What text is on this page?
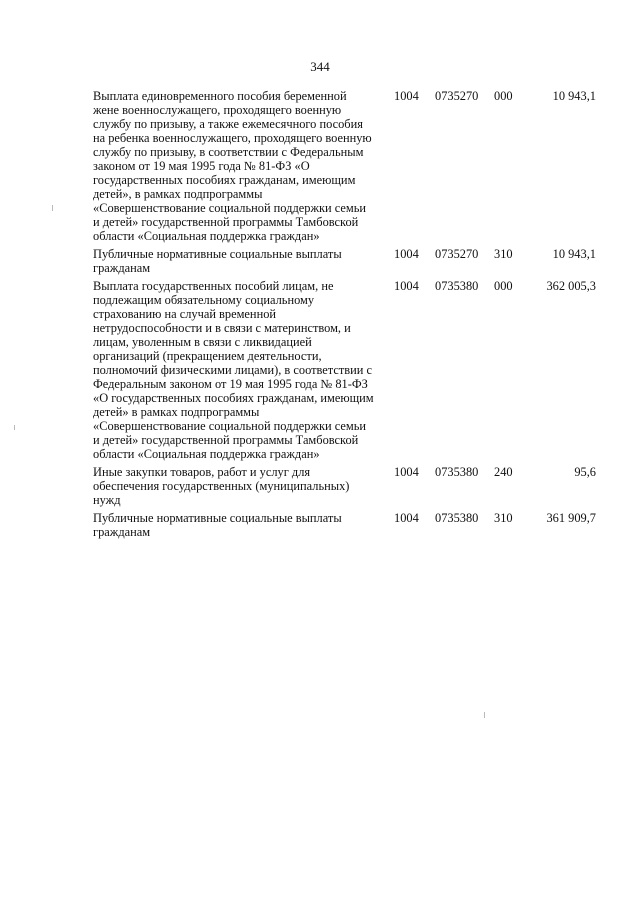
344
Выплата единовременного пособия беременной жене военнослужащего, проходящего военную службу по призыву, а также ежемесячного пособия на ребенка военнослужащего, проходящего военную службу по призыву, в соответствии с Федеральным законом от 19 мая 1995 года № 81-ФЗ «О государственных пособиях гражданам, имеющим детей», в рамках подпрограммы «Совершенствование социальной поддержки семьи и детей» государственной программы Тамбовской области «Социальная поддержка граждан»
1004 0735270 000	10 943,1
Публичные нормативные социальные выплаты гражданам
1004 0735270 310	10 943,1
Выплата государственных пособий лицам, не подлежащим обязательному социальному страхованию на случай временной нетрудоспособности и в связи с материнством, и лицам, уволенным в связи с ликвидацией организаций (прекращением деятельности, полномочий физическими лицами), в соответствии с Федеральным законом от 19 мая 1995 года № 81-ФЗ «О государственных пособиях гражданам, имеющим детей» в рамках подпрограммы «Совершенствование социальной поддержки семьи и детей» государственной программы Тамбовской области «Социальная поддержка граждан»
1004 0735380 000	362 005,3
Иные закупки товаров, работ и услуг для обеспечения государственных (муниципальных) нужд
1004 0735380 240	95,6
Публичные нормативные социальные выплаты гражданам
1004 0735380 310	361 909,7
